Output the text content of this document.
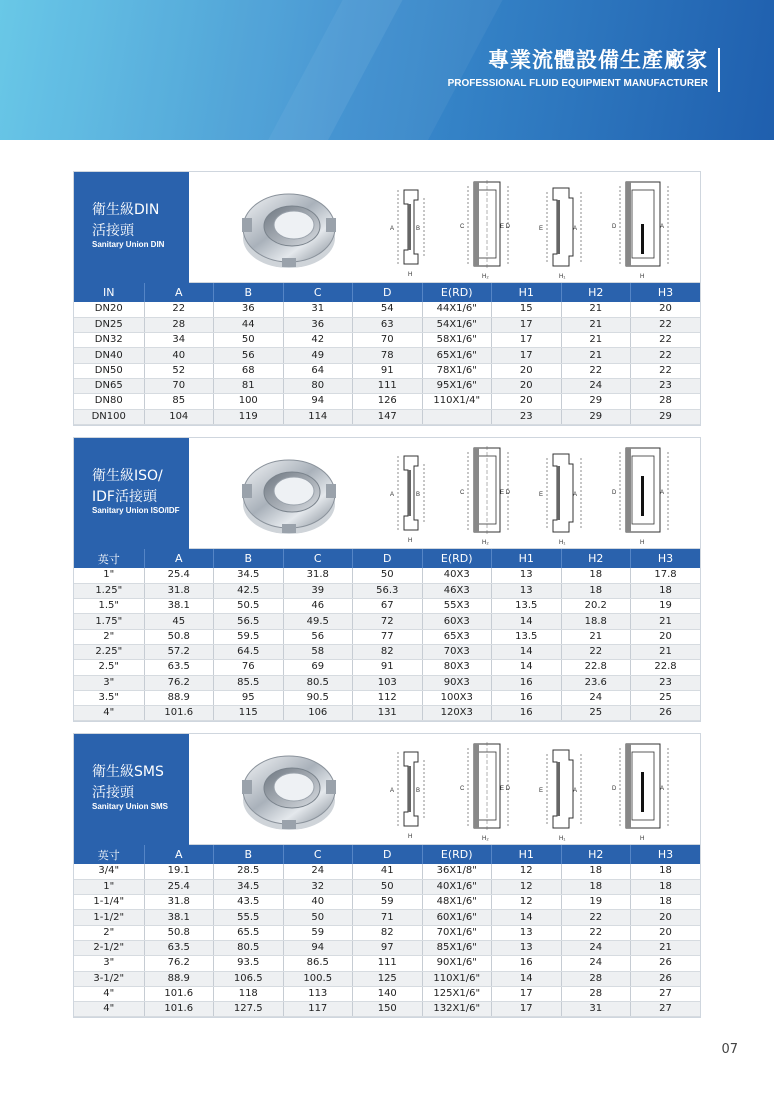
專業流體設備生產廠家
PROFESSIONAL FLUID EQUIPMENT MANUFACTURER
衛生級DIN
活接頭
Sanitary Union DIN
A	B
H
C	E D
H₂
E	A
H₁
D	A
H
IN	A	B	C	D	E(RD)	H1	H2	H3
DN20	22	36	31	54	44X1/6"	15	21	20
DN25	28	44	36	63	54X1/6"	17	21	22
DN32	34	50	42	70	58X1/6"	17	21	22
DN40	40	56	49	78	65X1/6"	17	21	22
DN50	52	68	64	91	78X1/6"	20	22	22
DN65	70	81	80	111	95X1/6"	20	24	23
DN80	85	100	94	126	110X1/4"	20	29	28
DN100	104	119	114	147		23	29	29
衛生級ISO/
IDF活接頭
Sanitary Union ISO/IDF
A	B
H
C	E D
H₂
E	A
H₁
D	A
H
英寸	A	B	C	D	E(RD)	H1	H2	H3
1"	25.4	34.5	31.8	50	40X3	13	18	17.8
1.25"	31.8	42.5	39	56.3	46X3	13	18	18
1.5"	38.1	50.5	46	67	55X3	13.5	20.2	19
1.75"	45	56.5	49.5	72	60X3	14	18.8	21
2"	50.8	59.5	56	77	65X3	13.5	21	20
2.25"	57.2	64.5	58	82	70X3	14	22	21
2.5"	63.5	76	69	91	80X3	14	22.8	22.8
3"	76.2	85.5	80.5	103	90X3	16	23.6	23
3.5"	88.9	95	90.5	112	100X3	16	24	25
4"	101.6	115	106	131	120X3	16	25	26
衛生級SMS
活接頭
Sanitary Union SMS
A	B
H
C	E D
H₂
E	A
H₁
D	A
H
英寸	A	B	C	D	E(RD)	H1	H2	H3
3/4"	19.1	28.5	24	41	36X1/8"	12	18	18
1"	25.4	34.5	32	50	40X1/6"	12	18	18
1-1/4"	31.8	43.5	40	59	48X1/6"	12	19	18
1-1/2"	38.1	55.5	50	71	60X1/6"	14	22	20
2"	50.8	65.5	59	82	70X1/6"	13	22	20
2-1/2"	63.5	80.5	94	97	85X1/6"	13	24	21
3"	76.2	93.5	86.5	111	90X1/6"	16	24	26
3-1/2"	88.9	106.5	100.5	125	110X1/6"	14	28	26
4"	101.6	118	113	140	125X1/6"	17	28	27
4"	101.6	127.5	117	150	132X1/6"	17	31	27
07
